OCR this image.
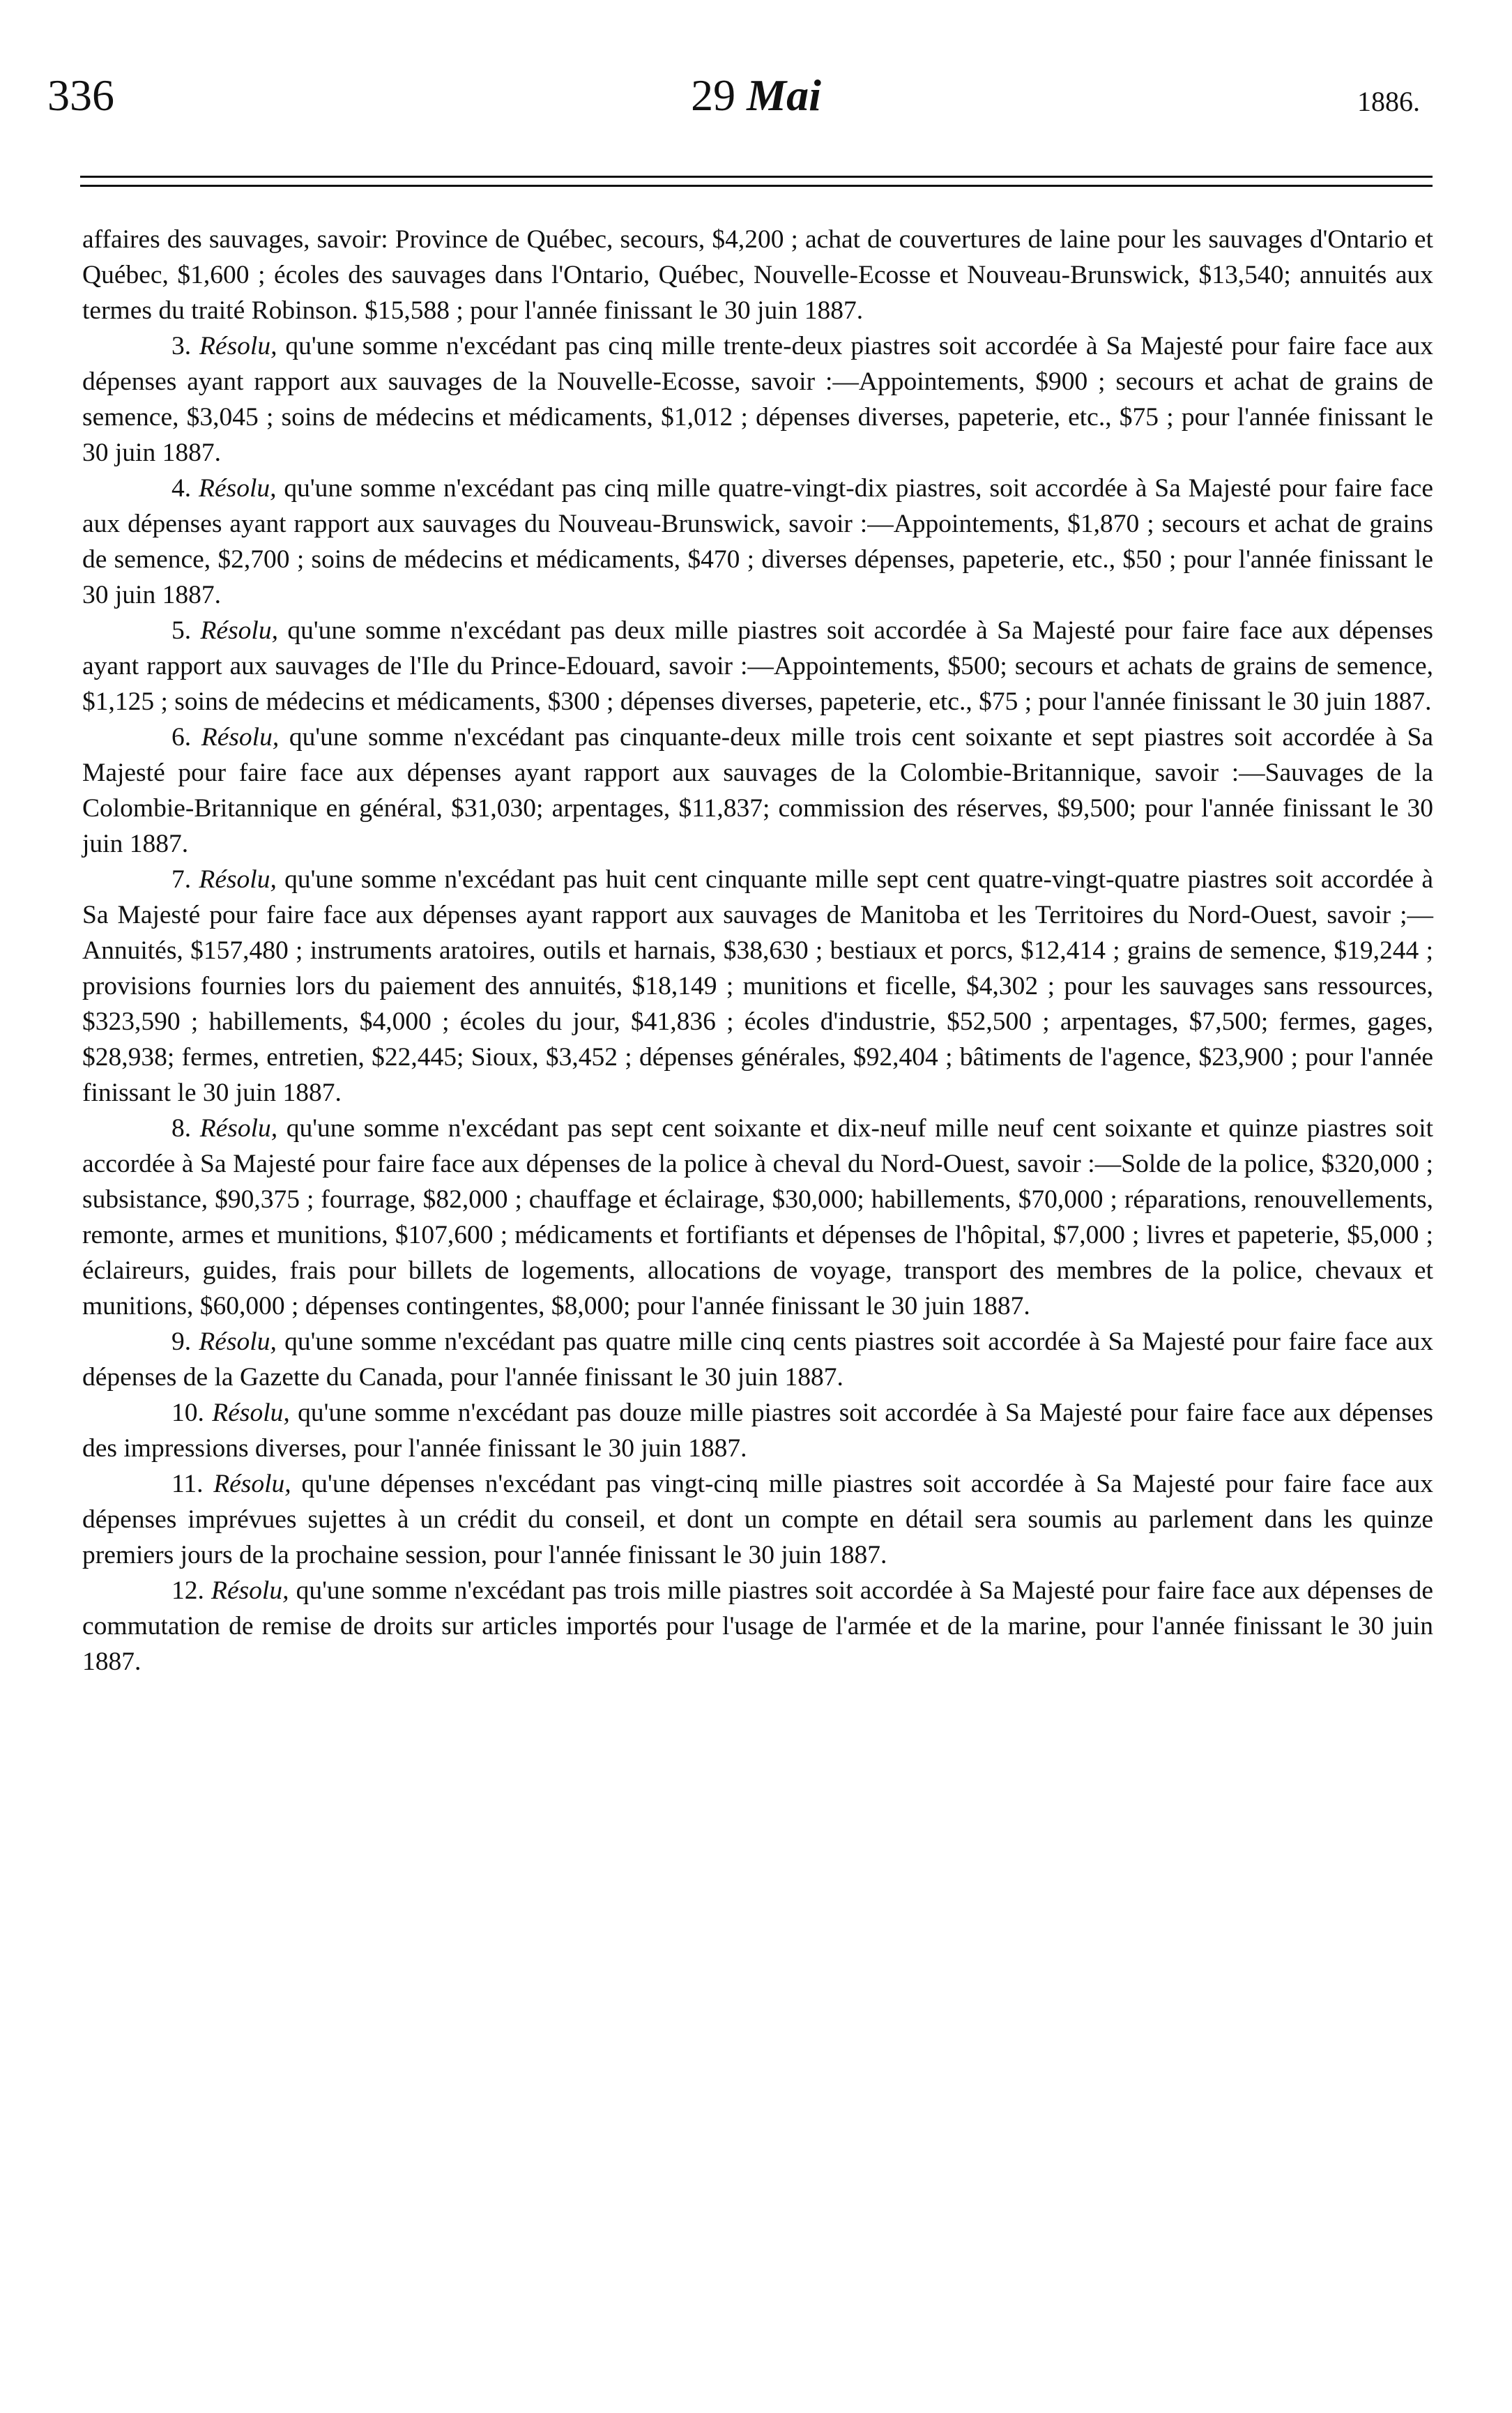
336	29 Mai	1886.

affaires des sauvages, savoir: Province de Québec, secours, $4,200 ; achat de couvertures de laine pour les sauvages d'Ontario et Québec, $1,600 ; écoles des sauvages dans l'Ontario, Québec, Nouvelle-Ecosse et Nouveau-Brunswick, $13,540; annuités aux termes du traité Robinson. $15,588 ; pour l'année finissant le 30 juin 1887.

3. Résolu, qu'une somme n'excédant pas cinq mille trente-deux piastres soit accordée à Sa Majesté pour faire face aux dépenses ayant rapport aux sauvages de la Nouvelle-Ecosse, savoir :—Appointements, $900 ; secours et achat de grains de semence, $3,045 ; soins de médecins et médicaments, $1,012 ; dépenses diverses, papeterie, etc., $75 ; pour l'année finissant le 30 juin 1887.

4. Résolu, qu'une somme n'excédant pas cinq mille quatre-vingt-dix piastres, soit accordée à Sa Majesté pour faire face aux dépenses ayant rapport aux sauvages du Nouveau-Brunswick, savoir :—Appointements, $1,870 ; secours et achat de grains de semence, $2,700 ; soins de médecins et médicaments, $470 ; diverses dépenses, papeterie, etc., $50 ; pour l'année finissant le 30 juin 1887.

5. Résolu, qu'une somme n'excédant pas deux mille piastres soit accordée à Sa Majesté pour faire face aux dépenses ayant rapport aux sauvages de l'Ile du Prince-Edouard, savoir :—Appointements, $500; secours et achats de grains de semence, $1,125 ; soins de médecins et médicaments, $300 ; dépenses diverses, papeterie, etc., $75 ; pour l'année finissant le 30 juin 1887.

6. Résolu, qu'une somme n'excédant pas cinquante-deux mille trois cent soixante et sept piastres soit accordée à Sa Majesté pour faire face aux dépenses ayant rapport aux sauvages de la Colombie-Britannique, savoir :—Sauvages de la Colombie-Britannique en général, $31,030; arpentages, $11,837; commission des réserves, $9,500; pour l'année finissant le 30 juin 1887.

7. Résolu, qu'une somme n'excédant pas huit cent cinquante mille sept cent quatre-vingt-quatre piastres soit accordée à Sa Majesté pour faire face aux dépenses ayant rapport aux sauvages de Manitoba et les Territoires du Nord-Ouest, savoir ;—Annuités, $157,480 ; instruments aratoires, outils et harnais, $38,630 ; bestiaux et porcs, $12,414 ; grains de semence, $19,244 ; provisions fournies lors du paiement des annuités, $18,149 ; munitions et ficelle, $4,302 ; pour les sauvages sans ressources, $323,590 ; habillements, $4,000 ; écoles du jour, $41,836 ; écoles d'industrie, $52,500 ; arpentages, $7,500; fermes, gages, $28,938; fermes, entretien, $22,445; Sioux, $3,452 ; dépenses générales, $92,404 ; bâtiments de l'agence, $23,900 ; pour l'année finissant le 30 juin 1887.

8. Résolu, qu'une somme n'excédant pas sept cent soixante et dix-neuf mille neuf cent soixante et quinze piastres soit accordée à Sa Majesté pour faire face aux dépenses de la police à cheval du Nord-Ouest, savoir :—Solde de la police, $320,000 ; subsistance, $90,375 ; fourrage, $82,000 ; chauffage et éclairage, $30,000; habillements, $70,000 ; réparations, renouvellements, remonte, armes et munitions, $107,600 ; médicaments et fortifiants et dépenses de l'hôpital, $7,000 ; livres et papeterie, $5,000 ; éclaireurs, guides, frais pour billets de logements, allocations de voyage, transport des membres de la police, chevaux et munitions, $60,000 ; dépenses contingentes, $8,000; pour l'année finissant le 30 juin 1887.

9. Résolu, qu'une somme n'excédant pas quatre mille cinq cents piastres soit accordée à Sa Majesté pour faire face aux dépenses de la Gazette du Canada, pour l'année finissant le 30 juin 1887.

10. Résolu, qu'une somme n'excédant pas douze mille piastres soit accordée à Sa Majesté pour faire face aux dépenses des impressions diverses, pour l'année finissant le 30 juin 1887.

11. Résolu, qu'une dépenses n'excédant pas vingt-cinq mille piastres soit accordée à Sa Majesté pour faire face aux dépenses imprévues sujettes à un crédit du conseil, et dont un compte en détail sera soumis au parlement dans les quinze premiers jours de la prochaine session, pour l'année finissant le 30 juin 1887.

12. Résolu, qu'une somme n'excédant pas trois mille piastres soit accordée à Sa Majesté pour faire face aux dépenses de commutation de remise de droits sur articles importés pour l'usage de l'armée et de la marine, pour l'année finissant le 30 juin 1887.
